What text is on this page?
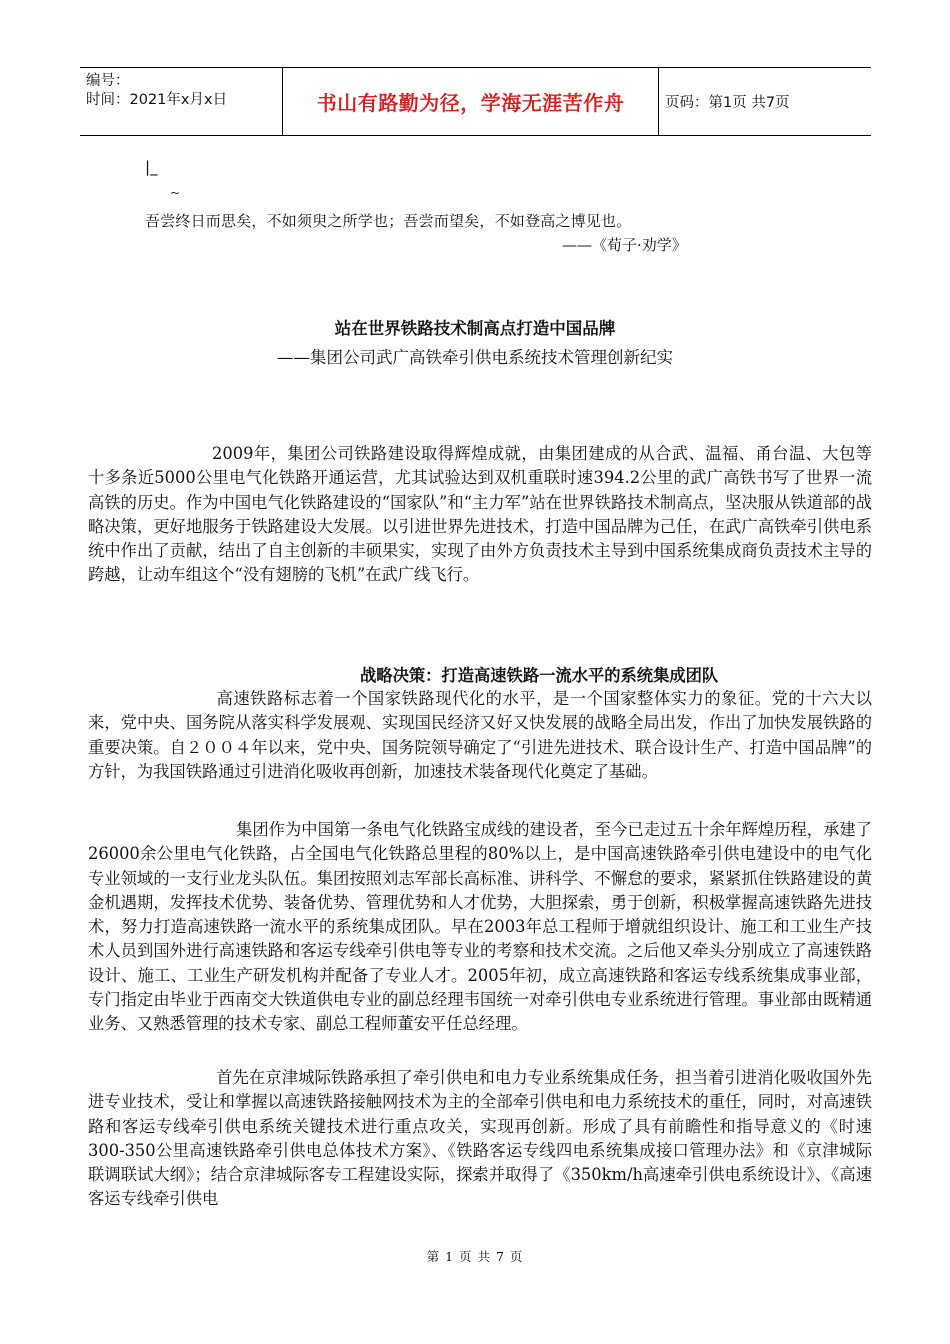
编号：
时间：2021年x月x日	书山有路勤为径，学海无涯苦作舟	页码：第1页 共7页
|_
~
吾尝终日而思矣，不如须臾之所学也；吾尝而望矣，不如登高之博见也。
——《荀子·劝学》
站在世界铁路技术制高点打造中国品牌
——集团公司武广高铁牵引供电系统技术管理创新纪实
2009年，集团公司铁路建设取得辉煌成就，由集团建成的从合武、温福、甬台温、大包等十多条近5000公里电气化铁路开通运营，尤其试验达到双机重联时速394.2公里的武广高铁书写了世界一流高铁的历史。作为中国电气化铁路建设的“国家队”和“主力军”站在世界铁路技术制高点，坚决服从铁道部的战略决策，更好地服务于铁路建设大发展。以引进世界先进技术，打造中国品牌为己任，在武广高铁牵引供电系统中作出了贡献，结出了自主创新的丰硕果实，实现了由外方负责技术主导到中国系统集成商负责技术主导的跨越，让动车组这个“没有翅膀的飞机”在武广线飞行。
战略决策：打造高速铁路一流水平的系统集成团队
高速铁路标志着一个国家铁路现代化的水平，是一个国家整体实力的象征。党的十六大以来，党中央、国务院从落实科学发展观、实现国民经济又好又快发展的战略全局出发，作出了加快发展铁路的重要决策。自２００４年以来，党中央、国务院领导确定了“引进先进技术、联合设计生产、打造中国品牌”的方针，为我国铁路通过引进消化吸收再创新，加速技术装备现代化奠定了基础。
集团作为中国第一条电气化铁路宝成线的建设者，至今已走过五十余年辉煌历程，承建了26000余公里电气化铁路，占全国电气化铁路总里程的80%以上，是中国高速铁路牵引供电建设中的电气化专业领域的一支行业龙头队伍。集团按照刘志军部长高标准、讲科学、不懈怠的要求，紧紧抓住铁路建设的黄金机遇期，发挥技术优势、装备优势、管理优势和人才优势，大胆探索，勇于创新，积极掌握高速铁路先进技术，努力打造高速铁路一流水平的系统集成团队。早在2003年总工程师于增就组织设计、施工和工业生产技术人员到国外进行高速铁路和客运专线牵引供电等专业的考察和技术交流。之后他又牵头分别成立了高速铁路设计、施工、工业生产研发机构并配备了专业人才。2005年初，成立高速铁路和客运专线系统集成事业部，专门指定由毕业于西南交大铁道供电专业的副总经理韦国统一对牵引供电专业系统进行管理。事业部由既精通业务、又熟悉管理的技术专家、副总工程师董安平任总经理。
首先在京津城际铁路承担了牵引供电和电力专业系统集成任务，担当着引进消化吸收国外先进专业技术，受让和掌握以高速铁路接触网技术为主的全部牵引供电和电力系统技术的重任，同时，对高速铁路和客运专线牵引供电系统关键技术进行重点攻关，实现再创新。形成了具有前瞻性和指导意义的《时速300-350公里高速铁路牵引供电总体技术方案》、《铁路客运专线四电系统集成接口管理办法》和《京津城际联调联试大纲》；结合京津城际客专工程建设实际，探索并取得了《350km/h高速牵引供电系统设计》、《高速客运专线牵引供电
第 1 页 共 7 页
